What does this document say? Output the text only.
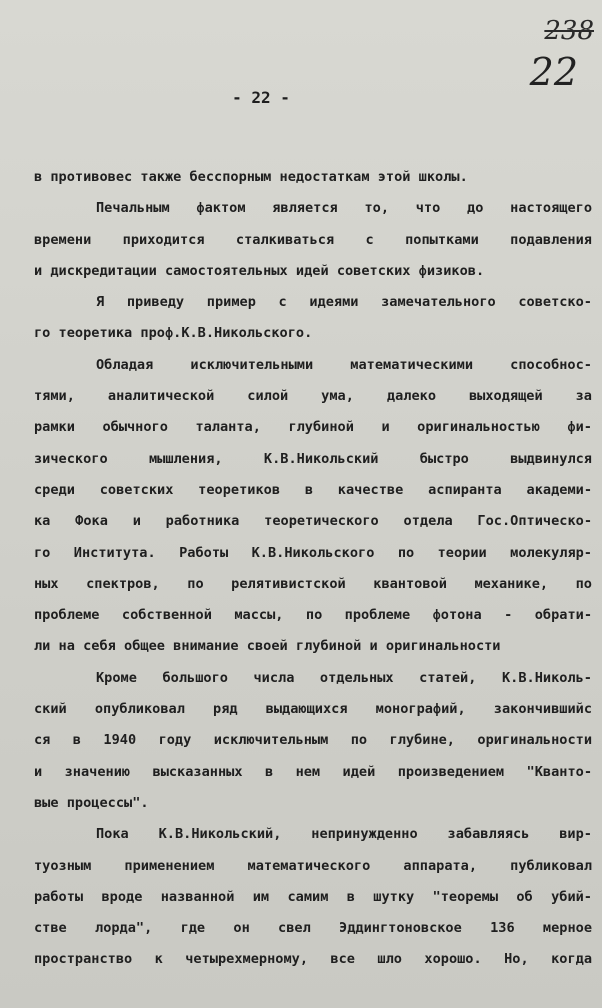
238
22
- 22 -
в противовес также бесспорным недостаткам этой школы.
Печальным фактом является то, что до настоящего
времени приходится сталкиваться с попытками подавления
и дискредитации самостоятельных идей советских физиков.
Я приведу пример с идеями замечательного советско-
го теоретика проф.К.В.Никольского.
Обладая исключительными математическими способнос-
тями, аналитической силой ума, далеко выходящей за
рамки обычного таланта, глубиной и оригинальностью фи-
зического мышления, К.В.Никольский быстро выдвинулся
среди советских теоретиков в качестве аспиранта академи-
ка Фока и работника теоретического отдела Гос.Оптическо-
го Института. Работы К.В.Никольского по теории молекуляр-
ных спектров, по релятивистской квантовой механике, по
проблеме собственной массы, по проблеме фотона - обрати-
ли на себя общее внимание своей глубиной и оригинальности
Кроме большого числа отдельных статей, К.В.Николь-
ский опубликовал ряд выдающихся монографий, закончившийс
ся в 1940 году исключительным по глубине, оригинальности
и значению высказанных в нем идей произведением "Кванто-
вые процессы".
Пока К.В.Никольский, непринужденно забавляясь вир-
туозным применением математического аппарата, публиковал
работы вроде названной им самим в шутку "теоремы об убий-
стве лорда", где он свел Эддингтоновское 136 мерное
пространство к четырехмерному, все шло хорошо. Но, когда
